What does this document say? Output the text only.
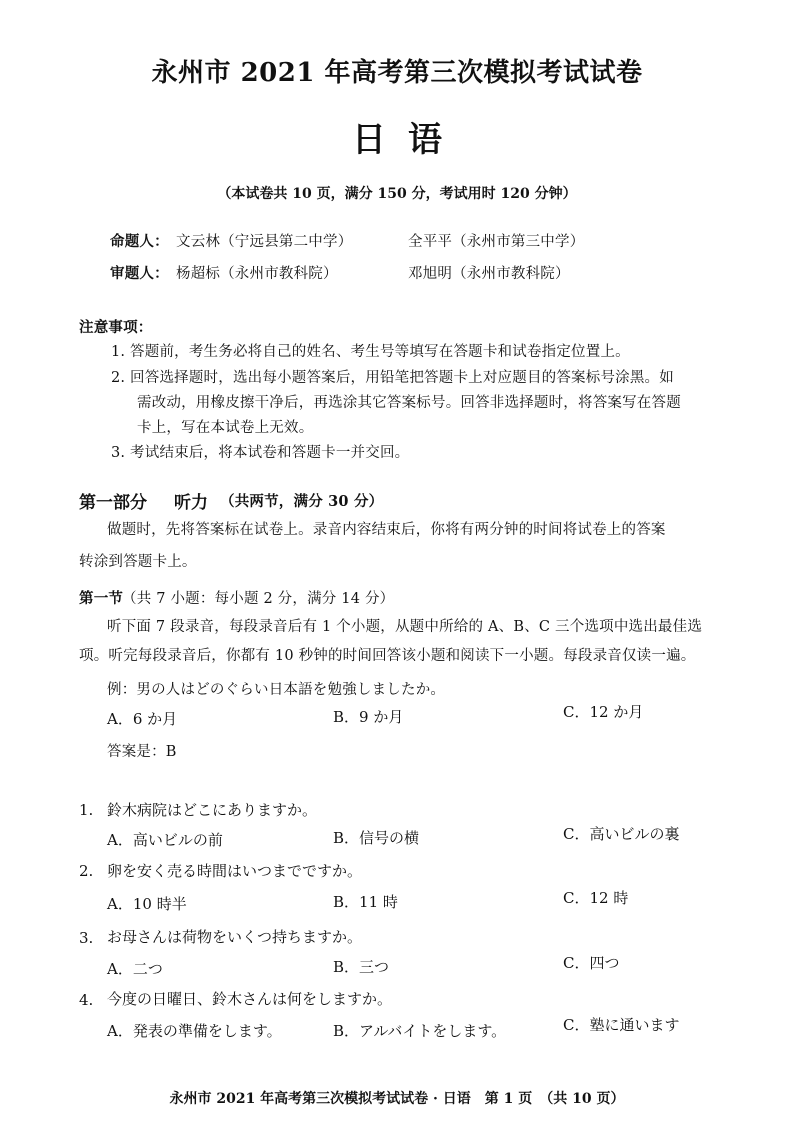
永州市 2021 年高考第三次模拟考试试卷
日语
（本试卷共 10 页，满分 150 分，考试用时 120 分钟）
命题人： 文云林（宁远县第二中学）	全平平（永州市第三中学）
审题人： 杨超标（永州市教科院）	邓旭明（永州市教科院）
注意事项：
1. 答题前，考生务必将自己的姓名、考生号等填写在答题卡和试卷指定位置上。
2. 回答选择题时，选出每小题答案后，用铅笔把答题卡上对应题目的答案标号涂黑。如
需改动，用橡皮擦干净后，再选涂其它答案标号。回答非选择题时，将答案写在答题
卡上，写在本试卷上无效。
3. 考试结束后，将本试卷和答题卡一并交回。
第一部分 听力 （共两节，满分 30 分）
做题时，先将答案标在试卷上。录音内容结束后，你将有两分钟的时间将试卷上的答案
转涂到答题卡上。
第一节
（共 7 小题：每小题 2 分，满分 14 分）
听下面 7 段录音，每段录音后有 1 个小题，从题中所给的 A、B、C 三个选项中选出最佳选
项。听完每段录音后，你都有 10 秒钟的时间回答该小题和阅读下一小题。每段录音仅读一遍。
例：男の人はどのぐらい日本語を勉強しましたか。
A．6 か月	B．9 か月	C．12 か月
答案是：B
1. 鈴木病院はどこにありますか。
A．高いビルの前	B．信号の横	C．高いビルの裏
2. 卵を安く売る時間はいつまでですか。
A．10 時半	B．11 時	C．12 時
3. お母さんは荷物をいくつ持ちますか。
A．二つ	B．三つ	C．四つ
4. 今度の日曜日、鈴木さんは何をしますか。
A．発表の準備をします。	B．アルバイトをします。	C．塾に通います
永州市 2021 年高考第三次模拟考试试卷 · 日语　第 1 页　（共 10 页）
